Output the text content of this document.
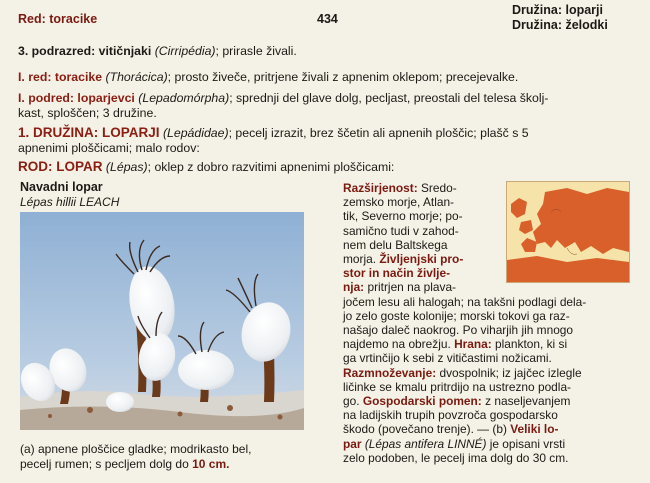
Red: toracike	434
Družina: loparji
Družina: želodki
3. podrazred: vitičnjaki (Cirripédia); prirasle živali.
I. red: toracike (Thorácica); prosto živeče, pritrjene živali z apnenim oklepom; precejevalke.
I. podred: loparjevci (Lepadomórpha); sprednji del glave dolg, pecljast, preostali del telesa školj-
kast, sploščen; 3 družine.
1. DRUŽINA: LOPARJI (Lepádidae); pecelj izrazit, brez ščetin ali apnenih ploščic; plašč s 5
apnenimi ploščicami; malo rodov:
ROD: LOPAR (Lépas); oklep z dobro razvitimi apnenimi ploščicami:
Navadni lopar
Lépas hillii LEACH
Razširjenost: Sredo-
zemsko morje, Atlan-
tik, Severno morje; po-
samično tudi v zahod-
nem delu Baltskega
morja. Življenjski pro-
stor in način življe-
nja: pritrjen na plava-
jočem lesu ali halogah; na takšni podlagi dela-
jo zelo goste kolonije; morski tokovi ga raz-
našajo daleč naokrog. Po viharjih jih mnogo
najdemo na obrežju. Hrana: plankton, ki si
ga vrtinčijo k sebi z vitičastimi nožicami.
Razmnoževanje: dvospolnik; iz jajčec izlegle
ličinke se kmalu pritrdijo na ustrezno podla-
go. Gospodarski pomen: z naseljevanjem
na ladijskih trupih povzroča gospodarsko
škodo (povečano trenje). — (b) Veliki lo-
par (Lépas antifera LINNÉ) je opisani vrsti
zelo podoben, le pecelj ima dolg do 30 cm.
(a) apnene ploščice gladke; modrikasto bel,
pecelj rumen; s pecljem dolg do 10 cm.
